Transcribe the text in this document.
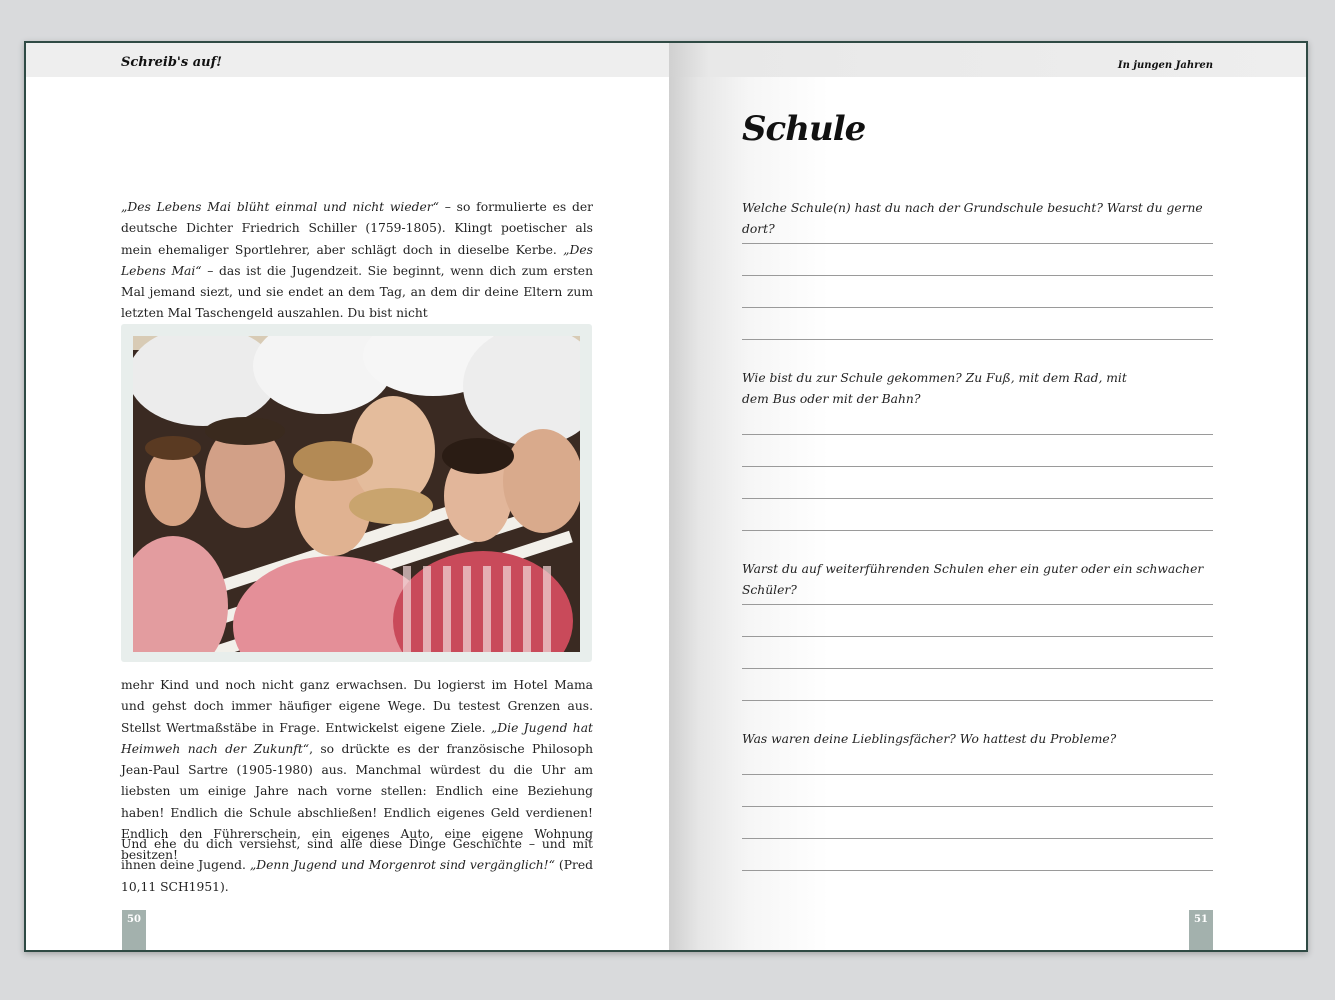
Schreib's auf!

„Des Lebens Mai blüht einmal und nicht wieder“ – so formulierte es der deutsche Dichter Friedrich Schiller (1759-1805). Klingt poetischer als mein ehemaliger Sportlehrer, aber schlägt doch in dieselbe Kerbe. „Des Lebens Mai“ – das ist die Jugendzeit. Sie beginnt, wenn dich zum ersten Mal jemand siezt, und sie endet an dem Tag, an dem dir deine Eltern zum letzten Mal Taschengeld auszahlen. Du bist nicht

mehr Kind und noch nicht ganz erwachsen. Du logierst im Hotel Mama und gehst doch immer häufiger eigene Wege. Du testest Grenzen aus. Stellst Wertmaßstäbe in Frage. Entwickelst eigene Ziele. „Die Jugend hat Heimweh nach der Zukunft“, so drückte es der französische Philosoph Jean-Paul Sartre (1905-1980) aus. Manchmal würdest du die Uhr am liebsten um einige Jahre nach vorne stellen: Endlich eine Beziehung haben! Endlich die Schule abschließen! Endlich eigenes Geld verdienen! Endlich den Führerschein, ein eigenes Auto, eine eigene Wohnung besitzen!

Und ehe du dich versiehst, sind alle diese Dinge Geschichte – und mit ihnen deine Jugend. „Denn Jugend und Morgenrot sind vergänglich!“ (Pred 10,11 SCH1951).

50
In jungen Jahren
Schule
Welche Schule(n) hast du nach der Grundschule besucht? Warst du gerne dort?
Wie bist du zur Schule gekommen? Zu Fuß, mit dem Rad, mit dem Bus oder mit der Bahn?
Warst du auf weiterführenden Schulen eher ein guter oder ein schwacher Schüler?
Was waren deine Lieblingsfächer? Wo hattest du Probleme?
51
